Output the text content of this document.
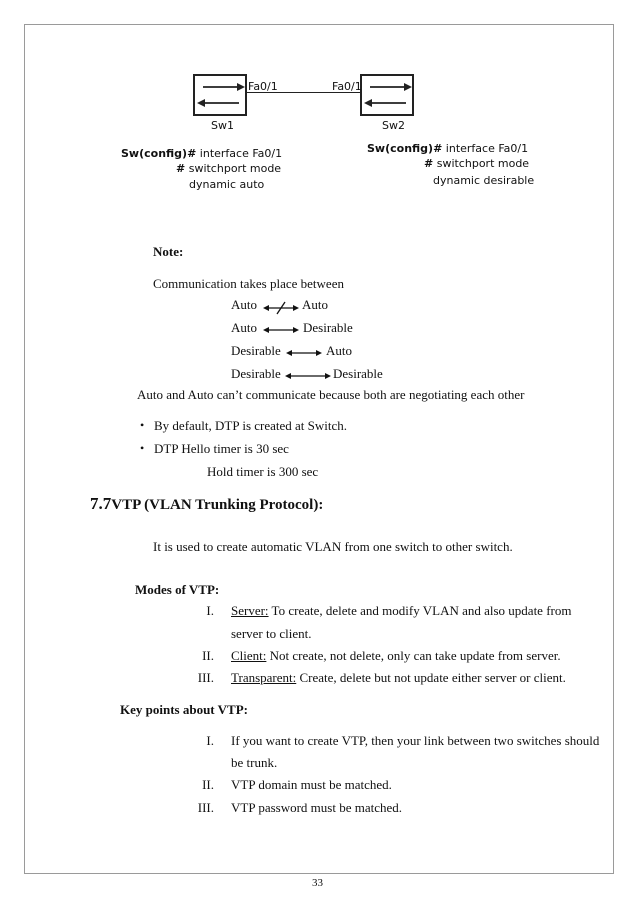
Fa0/1	Fa0/1
Sw1	Sw2
Sw(config)# interface Fa0/1
# switchport mode
dynamic auto
Sw(config)# interface Fa0/1
# switchport mode
dynamic desirable
Note:
Communication takes place between
Auto	Auto
Auto	Desirable
Desirable	Auto
Desirable	Desirable
Auto and Auto can’t communicate because both are negotiating each other
• By default, DTP is created at Switch.
• DTP Hello timer is 30 sec
Hold timer is 300 sec
7.7VTP (VLAN Trunking Protocol):
It is used to create automatic VLAN from one switch to other switch.
Modes of VTP:
I. Server: To create, delete and modify VLAN and also update from
server to client.
II. Client: Not create, not delete, only can take update from server.
III. Transparent: Create, delete but not update either server or client.
Key points about VTP:
I. If you want to create VTP, then your link between two switches should
be trunk.
II. VTP domain must be matched.
III. VTP password must be matched.
33
